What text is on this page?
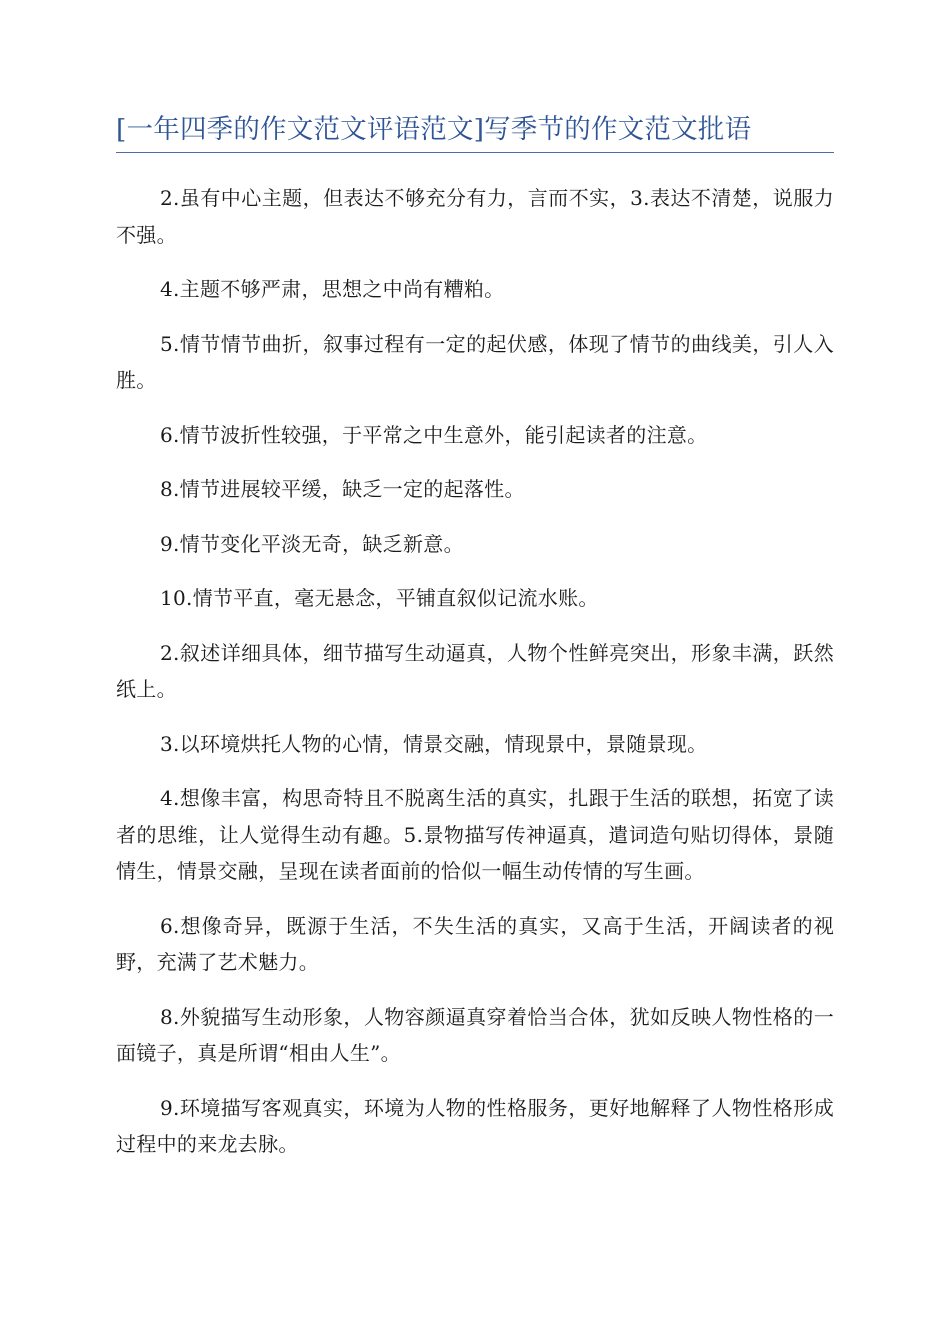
[一年四季的作文范文评语范文]写季节的作文范文批语

2.虽有中心主题，但表达不够充分有力，言而不实，3.表达不清楚，说服力不强。

4.主题不够严肃，思想之中尚有糟粕。

5.情节情节曲折，叙事过程有一定的起伏感，体现了情节的曲线美，引人入胜。

6.情节波折性较强，于平常之中生意外，能引起读者的注意。

8.情节进展较平缓，缺乏一定的起落性。

9.情节变化平淡无奇，缺乏新意。

10.情节平直，毫无悬念，平铺直叙似记流水账。

2.叙述详细具体，细节描写生动逼真，人物个性鲜亮突出，形象丰满，跃然纸上。

3.以环境烘托人物的心情，情景交融，情现景中，景随景现。

4.想像丰富，构思奇特且不脱离生活的真实，扎跟于生活的联想，拓宽了读者的思维，让人觉得生动有趣。5.景物描写传神逼真，遣词造句贴切得体，景随情生，情景交融，呈现在读者面前的恰似一幅生动传情的写生画。

6.想像奇异，既源于生活，不失生活的真实，又高于生活，开阔读者的视野，充满了艺术魅力。

8.外貌描写生动形象，人物容颜逼真穿着恰当合体，犹如反映人物性格的一面镜子，真是所谓“相由人生”。

9.环境描写客观真实，环境为人物的性格服务，更好地解释了人物性格形成过程中的来龙去脉。
